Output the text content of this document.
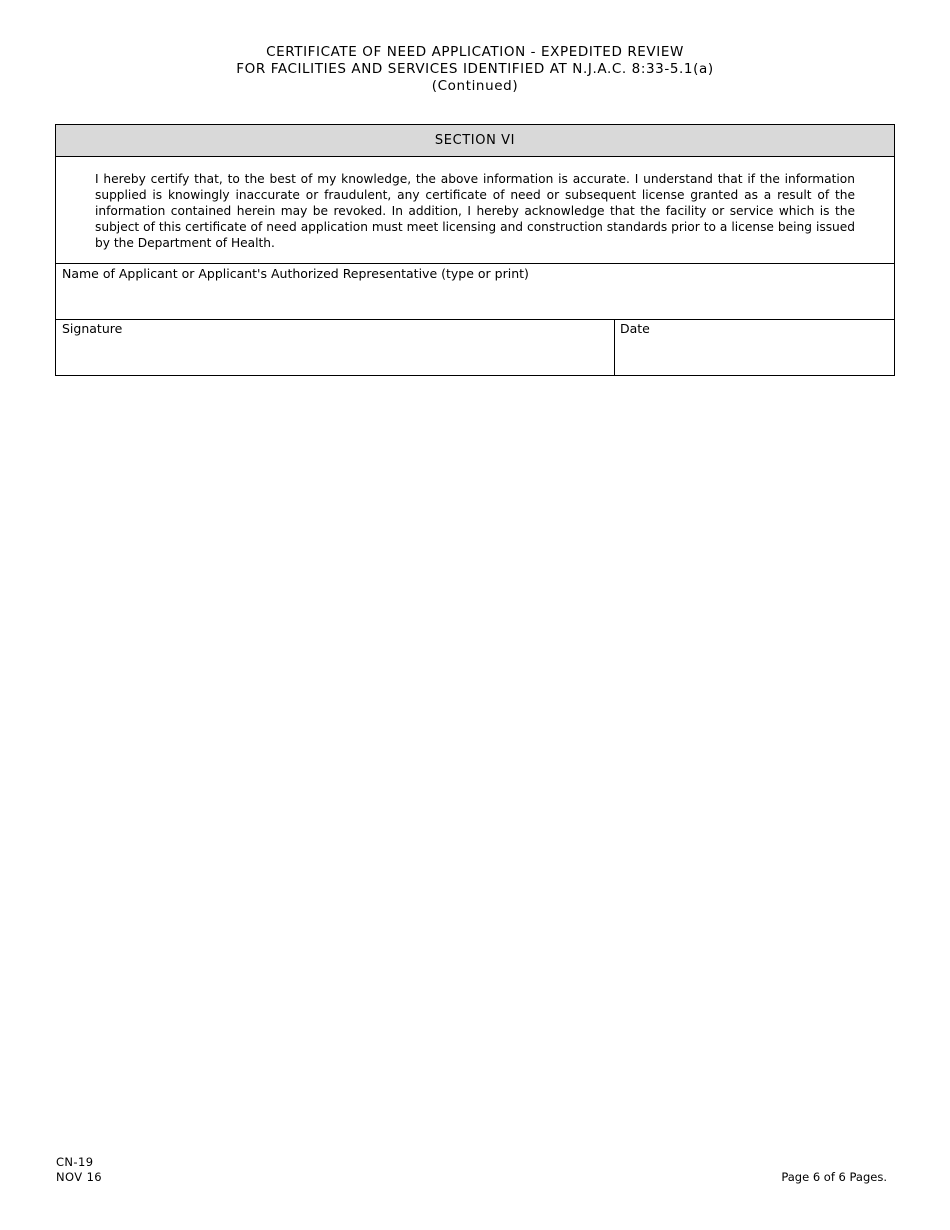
CERTIFICATE OF NEED APPLICATION - EXPEDITED REVIEW
FOR FACILITIES AND SERVICES IDENTIFIED AT N.J.A.C. 8:33-5.1(a)
(Continued)
SECTION VI

I hereby certify that, to the best of my knowledge, the above information is accurate. I understand that if the information supplied is knowingly inaccurate or fraudulent, any certificate of need or subsequent license granted as a result of the information contained herein may be revoked. In addition, I hereby acknowledge that the facility or service which is the subject of this certificate of need application must meet licensing and construction standards prior to a license being issued by the Department of Health.

Name of Applicant or Applicant's Authorized Representative (type or print)
Signature	Date
CN-19
NOV 16	Page 6 of 6 Pages.
